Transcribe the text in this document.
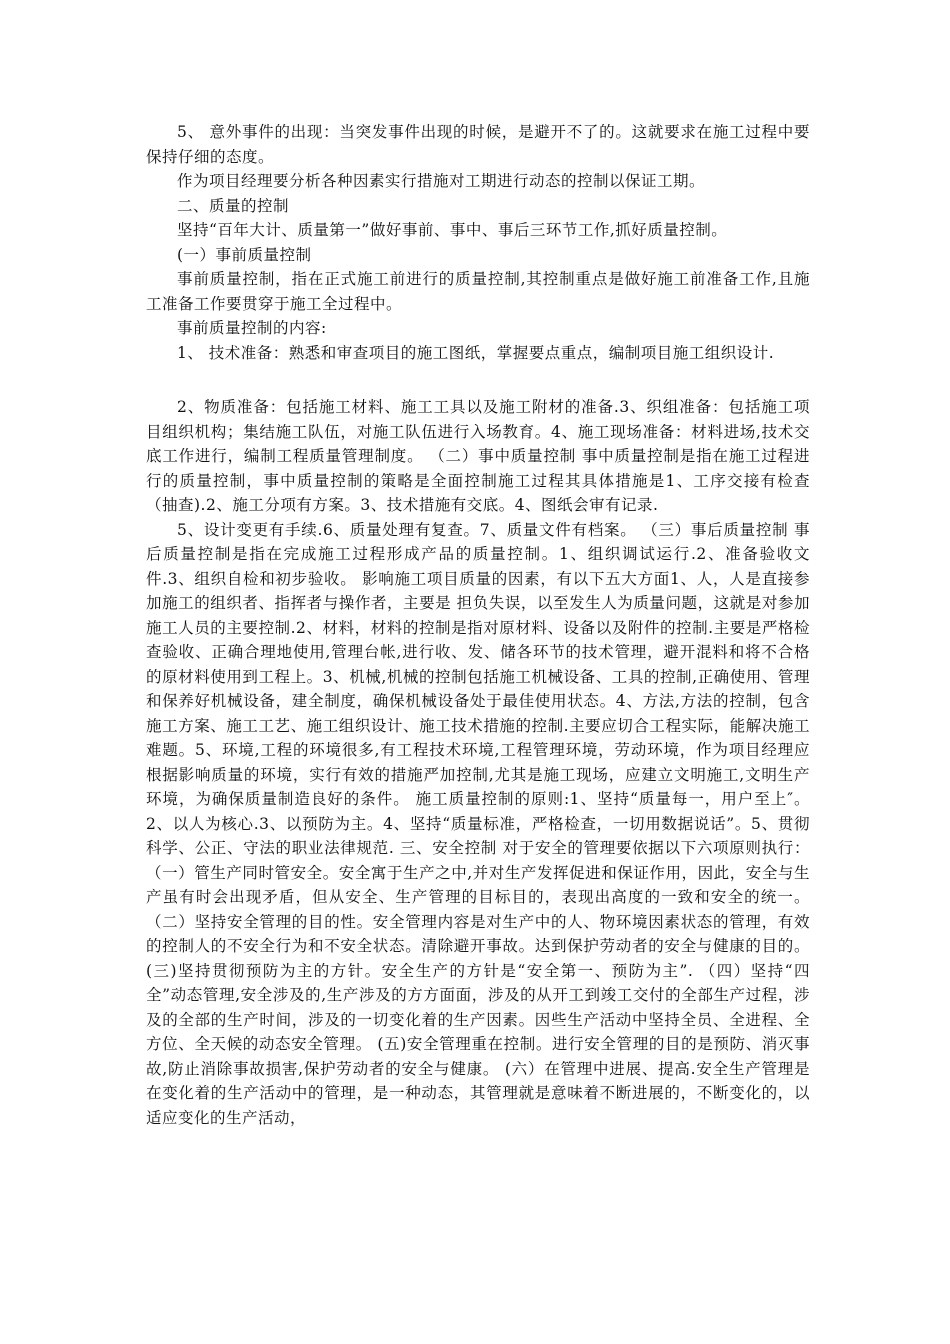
5、 意外事件的出现：当突发事件出现的时候，是避开不了的。这就要求在施工过程中要保持仔细的态度。

作为项目经理要分析各种因素实行措施对工期进行动态的控制以保证工期。

二、质量的控制

坚持“百年大计、质量第一”做好事前、事中、事后三环节工作,抓好质量控制。

(一）事前质量控制

事前质量控制，指在正式施工前进行的质量控制,其控制重点是做好施工前准备工作,且施工准备工作要贯穿于施工全过程中。

事前质量控制的内容:

1、 技术准备：熟悉和审查项目的施工图纸，掌握要点重点，编制项目施工组织设计.

2、物质准备：包括施工材料、施工工具以及施工附材的准备.3、织组准备：包括施工项目组织机构；集结施工队伍，对施工队伍进行入场教育。4、施工现场准备：材料进场,技术交底工作进行，编制工程质量管理制度。 （二）事中质量控制 事中质量控制是指在施工过程进行的质量控制，事中质量控制的策略是全面控制施工过程其具体措施是1、工序交接有检查（抽查).2、施工分项有方案。3、技术措施有交底。4、图纸会审有记录.

5、设计变更有手续.6、质量处理有复查。7、质量文件有档案。 （三）事后质量控制 事后质量控制是指在完成施工过程形成产品的质量控制。1、组织调试运行.2、准备验收文件.3、组织自检和初步验收。 影响施工项目质量的因素，有以下五大方面1、人，人是直接参加施工的组织者、指挥者与操作者，主要是 担负失误，以至发生人为质量问题，这就是对参加施工人员的主要控制.2、材料，材料的控制是指对原材料、设备以及附件的控制.主要是严格检查验收、正确合理地使用,管理台帐,进行收、发、储各环节的技术管理，避开混料和将不合格的原材料使用到工程上。3、机械,机械的控制包括施工机械设备、工具的控制,正确使用、管理和保养好机械设备，建全制度，确保机械设备处于最佳使用状态。4、方法,方法的控制，包含施工方案、施工工艺、施工组织设计、施工技术措施的控制.主要应切合工程实际，能解决施工难题。5、环境,工程的环境很多,有工程技术环境,工程管理环境，劳动环境，作为项目经理应根据影响质量的环境，实行有效的措施严加控制,尤其是施工现场，应建立文明施工,文明生产环境，为确保质量制造良好的条件。 施工质量控制的原则:1、坚持“质量每一，用户至上″。2、以人为核心.3、以预防为主。4、坚持“质量标准，严格检查，一切用数据说话”。5、贯彻科学、公正、守法的职业法律规范. 三、安全控制 对于安全的管理要依据以下六项原则执行：（一）管生产同时管安全。安全寓于生产之中,并对生产发挥促进和保证作用，因此，安全与生产虽有时会出现矛盾，但从安全、生产管理的目标目的，表现出高度的一致和安全的统一。 （二）坚持安全管理的目的性。安全管理内容是对生产中的人、物环境因素状态的管理，有效的控制人的不安全行为和不安全状态。清除避开事故。达到保护劳动者的安全与健康的目的。 (三)坚持贯彻预防为主的方针。安全生产的方针是“安全第一、预防为主”. （四）坚持“四全”动态管理,安全涉及的,生产涉及的方方面面，涉及的从开工到竣工交付的全部生产过程，涉及的全部的生产时间，涉及的一切变化着的生产因素。因些生产活动中坚持全员、全进程、全方位、全天候的动态安全管理。 (五)安全管理重在控制。进行安全管理的目的是预防、消灭事故,防止消除事故损害,保护劳动者的安全与健康。 (六）在管理中进展、提高.安全生产管理是在变化着的生产活动中的管理，是一种动态，其管理就是意味着不断进展的，不断变化的，以适应变化的生产活动，
